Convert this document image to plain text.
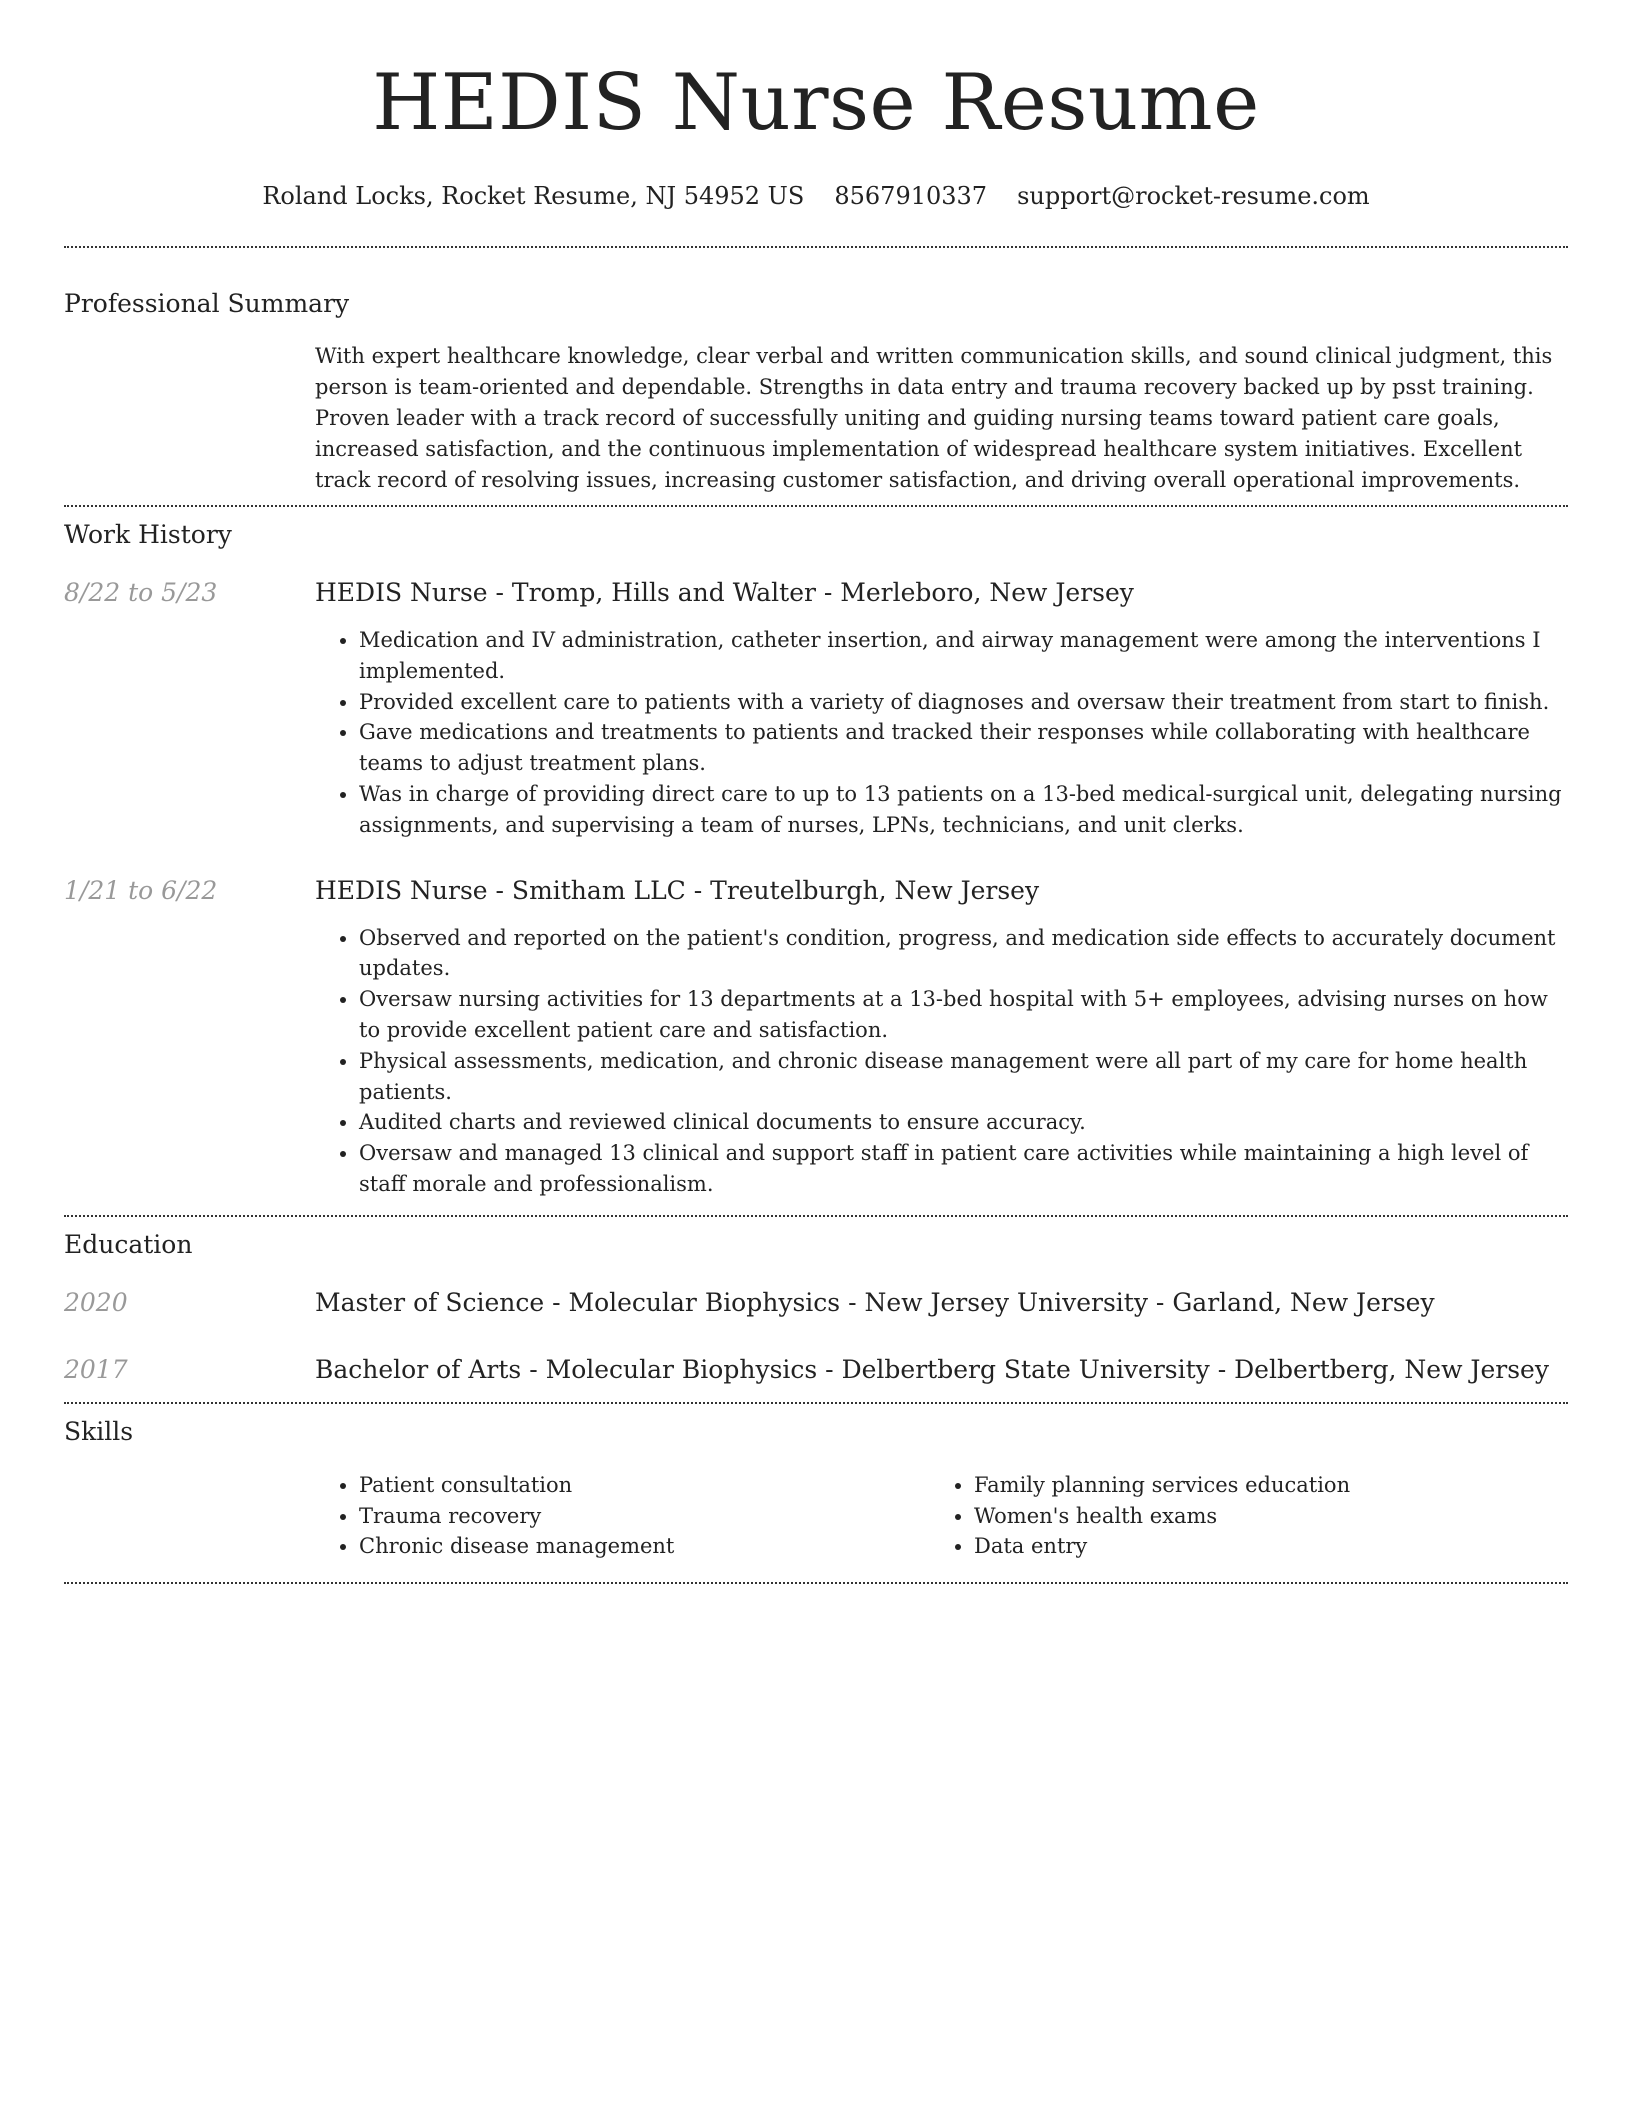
HEDIS Nurse Resume
Roland Locks, Rocket Resume, NJ 54952 US 8567910337 support@rocket-resume.com
Professional Summary
With expert healthcare knowledge, clear verbal and written communication skills, and sound clinical judgment, this person is team-oriented and dependable. Strengths in data entry and trauma recovery backed up by psst training. Proven leader with a track record of successfully uniting and guiding nursing teams toward patient care goals, increased satisfaction, and the continuous implementation of widespread healthcare system initiatives. Excellent track record of resolving issues, increasing customer satisfaction, and driving overall operational improvements.
Work History
8/22 to 5/23	HEDIS Nurse - Tromp, Hills and Walter - Merleboro, New Jersey
• Medication and IV administration, catheter insertion, and airway management were among the interventions I implemented.
• Provided excellent care to patients with a variety of diagnoses and oversaw their treatment from start to finish.
• Gave medications and treatments to patients and tracked their responses while collaborating with healthcare teams to adjust treatment plans.
• Was in charge of providing direct care to up to 13 patients on a 13-bed medical-surgical unit, delegating nursing assignments, and supervising a team of nurses, LPNs, technicians, and unit clerks.
1/21 to 6/22	HEDIS Nurse - Smitham LLC - Treutelburgh, New Jersey
• Observed and reported on the patient's condition, progress, and medication side effects to accurately document updates.
• Oversaw nursing activities for 13 departments at a 13-bed hospital with 5+ employees, advising nurses on how to provide excellent patient care and satisfaction.
• Physical assessments, medication, and chronic disease management were all part of my care for home health patients.
• Audited charts and reviewed clinical documents to ensure accuracy.
• Oversaw and managed 13 clinical and support staff in patient care activities while maintaining a high level of staff morale and professionalism.
Education
2020	Master of Science - Molecular Biophysics - New Jersey University - Garland, New Jersey
2017	Bachelor of Arts - Molecular Biophysics - Delbertberg State University - Delbertberg, New Jersey
Skills
• Patient consultation
• Trauma recovery
• Chronic disease management
• Family planning services education
• Women's health exams
• Data entry
